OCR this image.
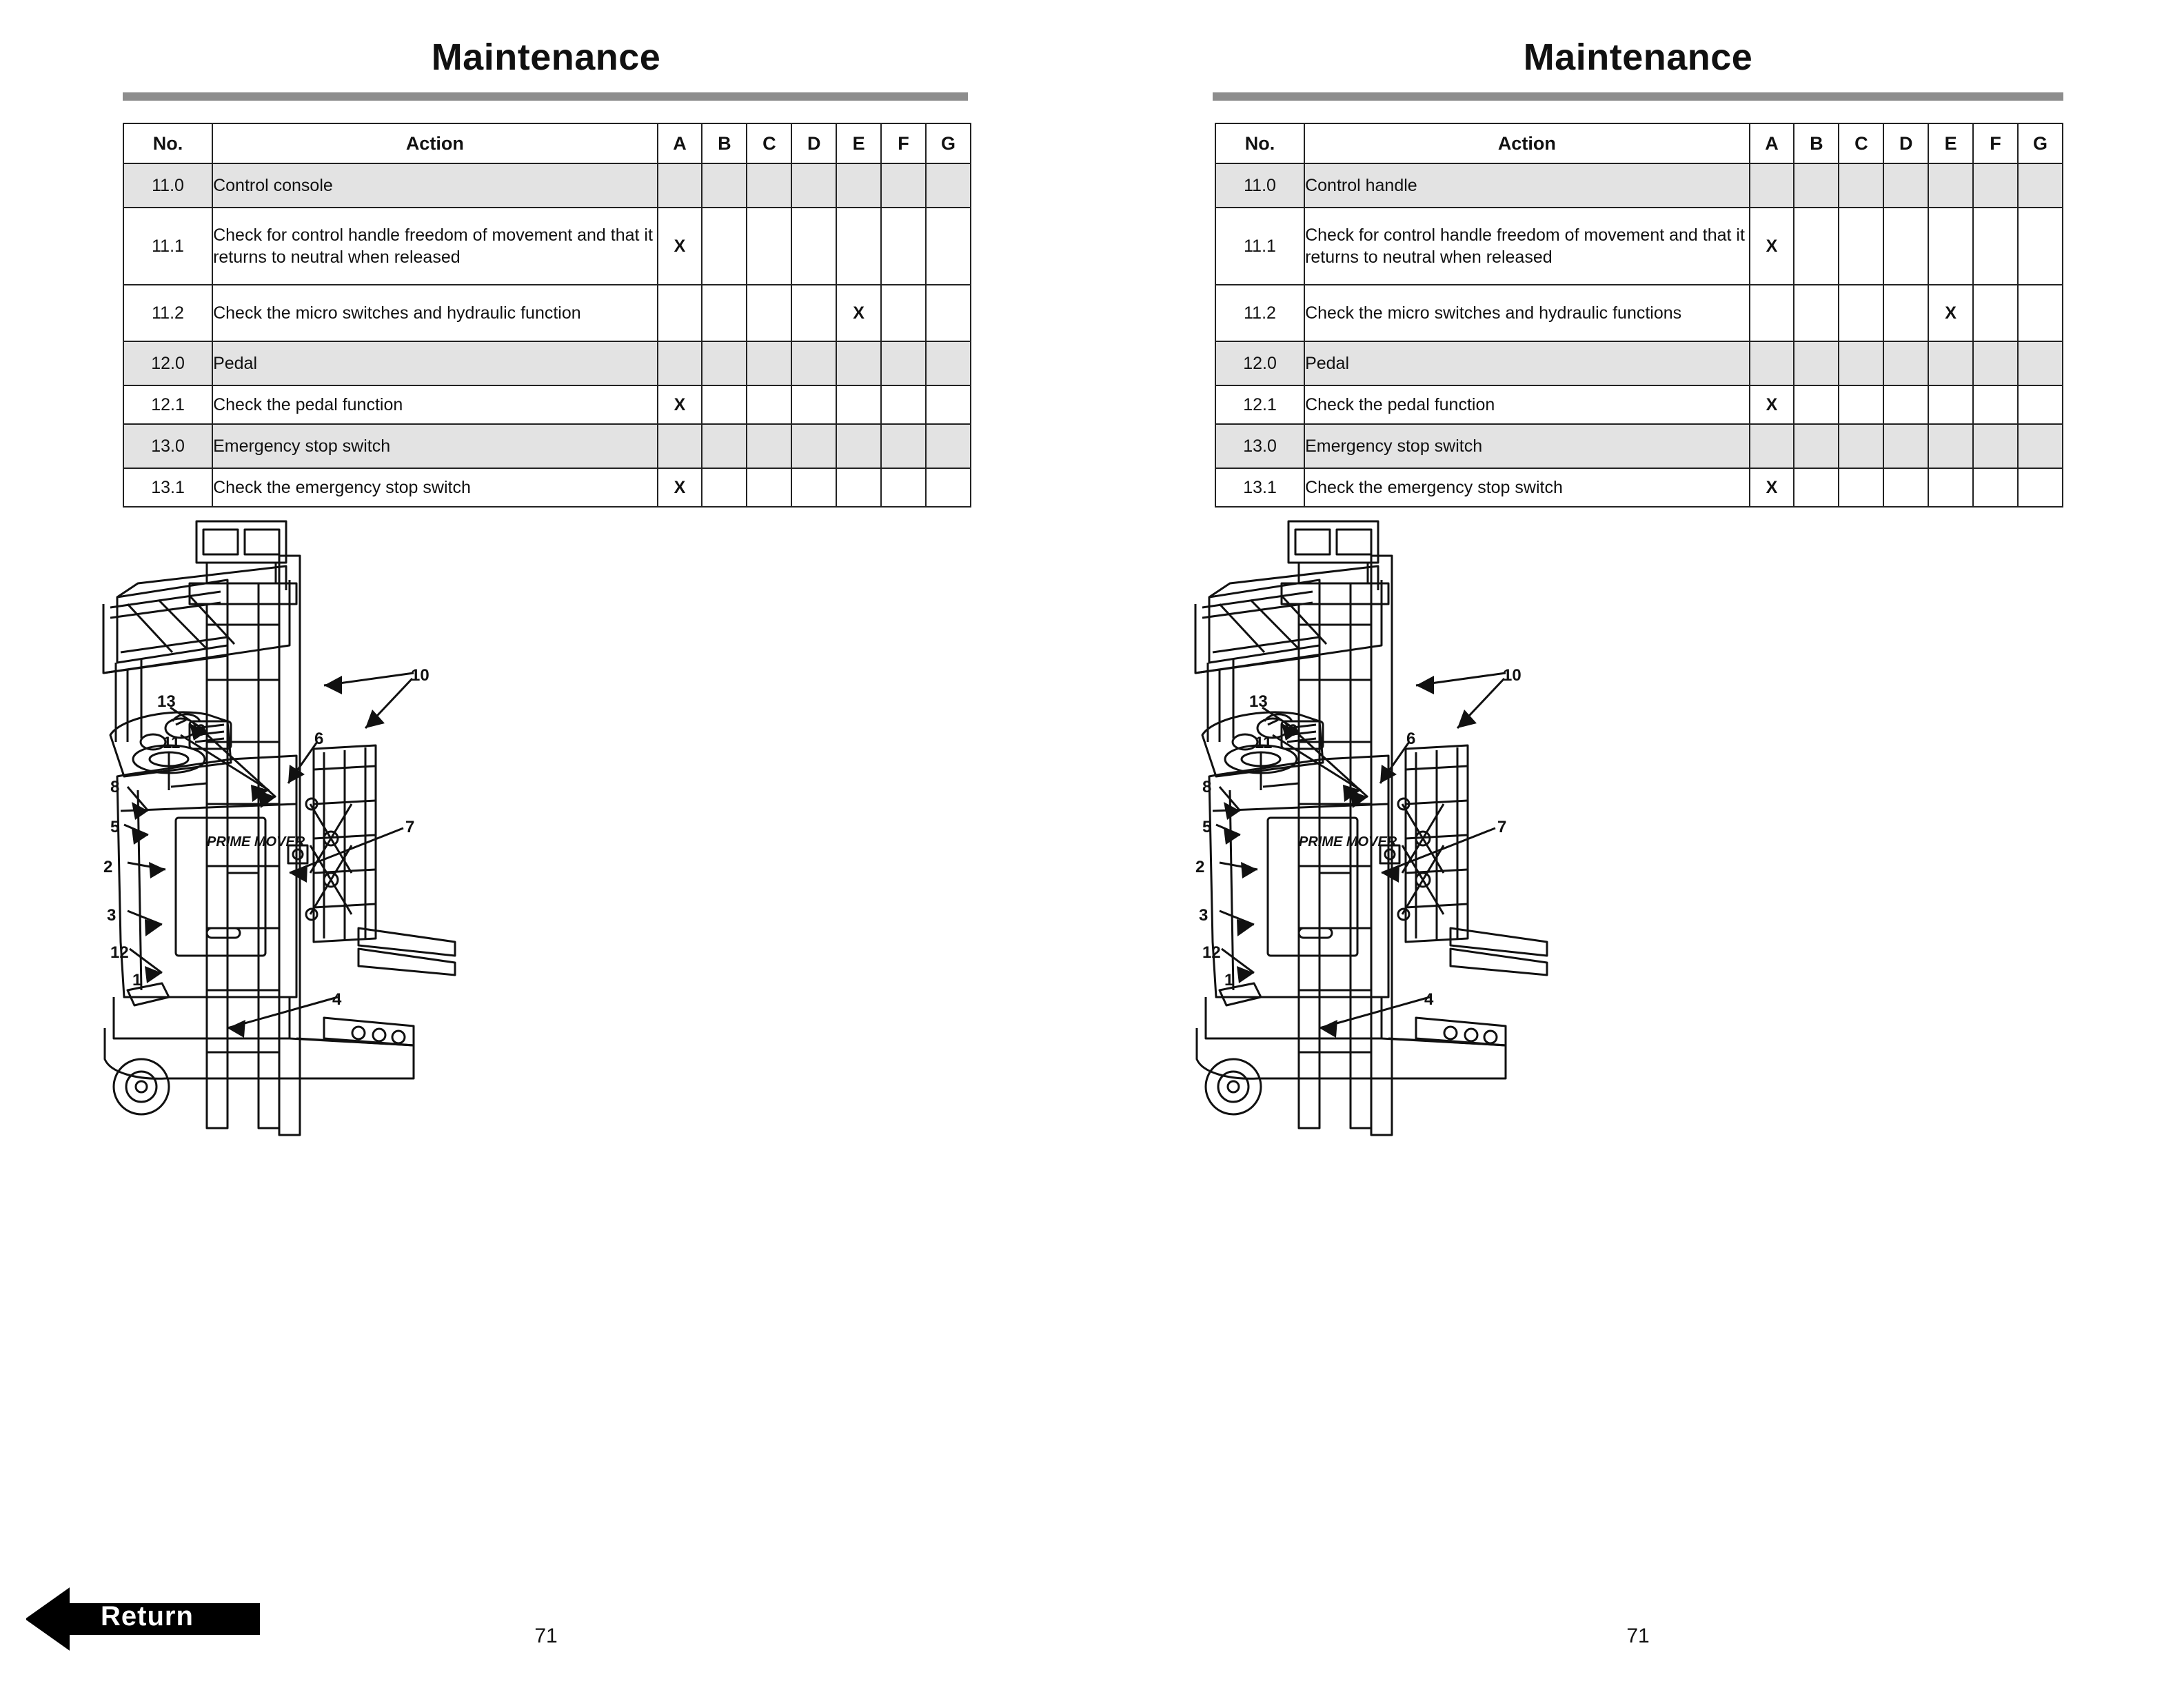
Maintenance
No.	Action	A	B	C	D	E	F	G
11.0	Control console							
11.1	Check for control handle freedom of movement and that it returns to neutral when released	X						
11.2	Check the micro switches and hydraulic function					X		
12.0	Pedal							
12.1	Check the pedal function	X						
13.0	Emergency stop switch							
13.1	Check the emergency stop switch	X						
10
13
11
9	6
8
5	7
2
3
12
1
4
PRIME MOVER
71
Return
Maintenance
No.	Action	A	B	C	D	E	F	G
11.0	Control handle							
11.1	Check for control handle freedom of movement and that it returns to neutral when released	X						
11.2	Check the micro switches and hydraulic functions					X		
12.0	Pedal							
12.1	Check the pedal function	X						
13.0	Emergency stop switch							
13.1	Check the emergency stop switch	X						
10
13
11
9	6
8
5	7
2
3
12
1
4
PRIME MOVER
71
